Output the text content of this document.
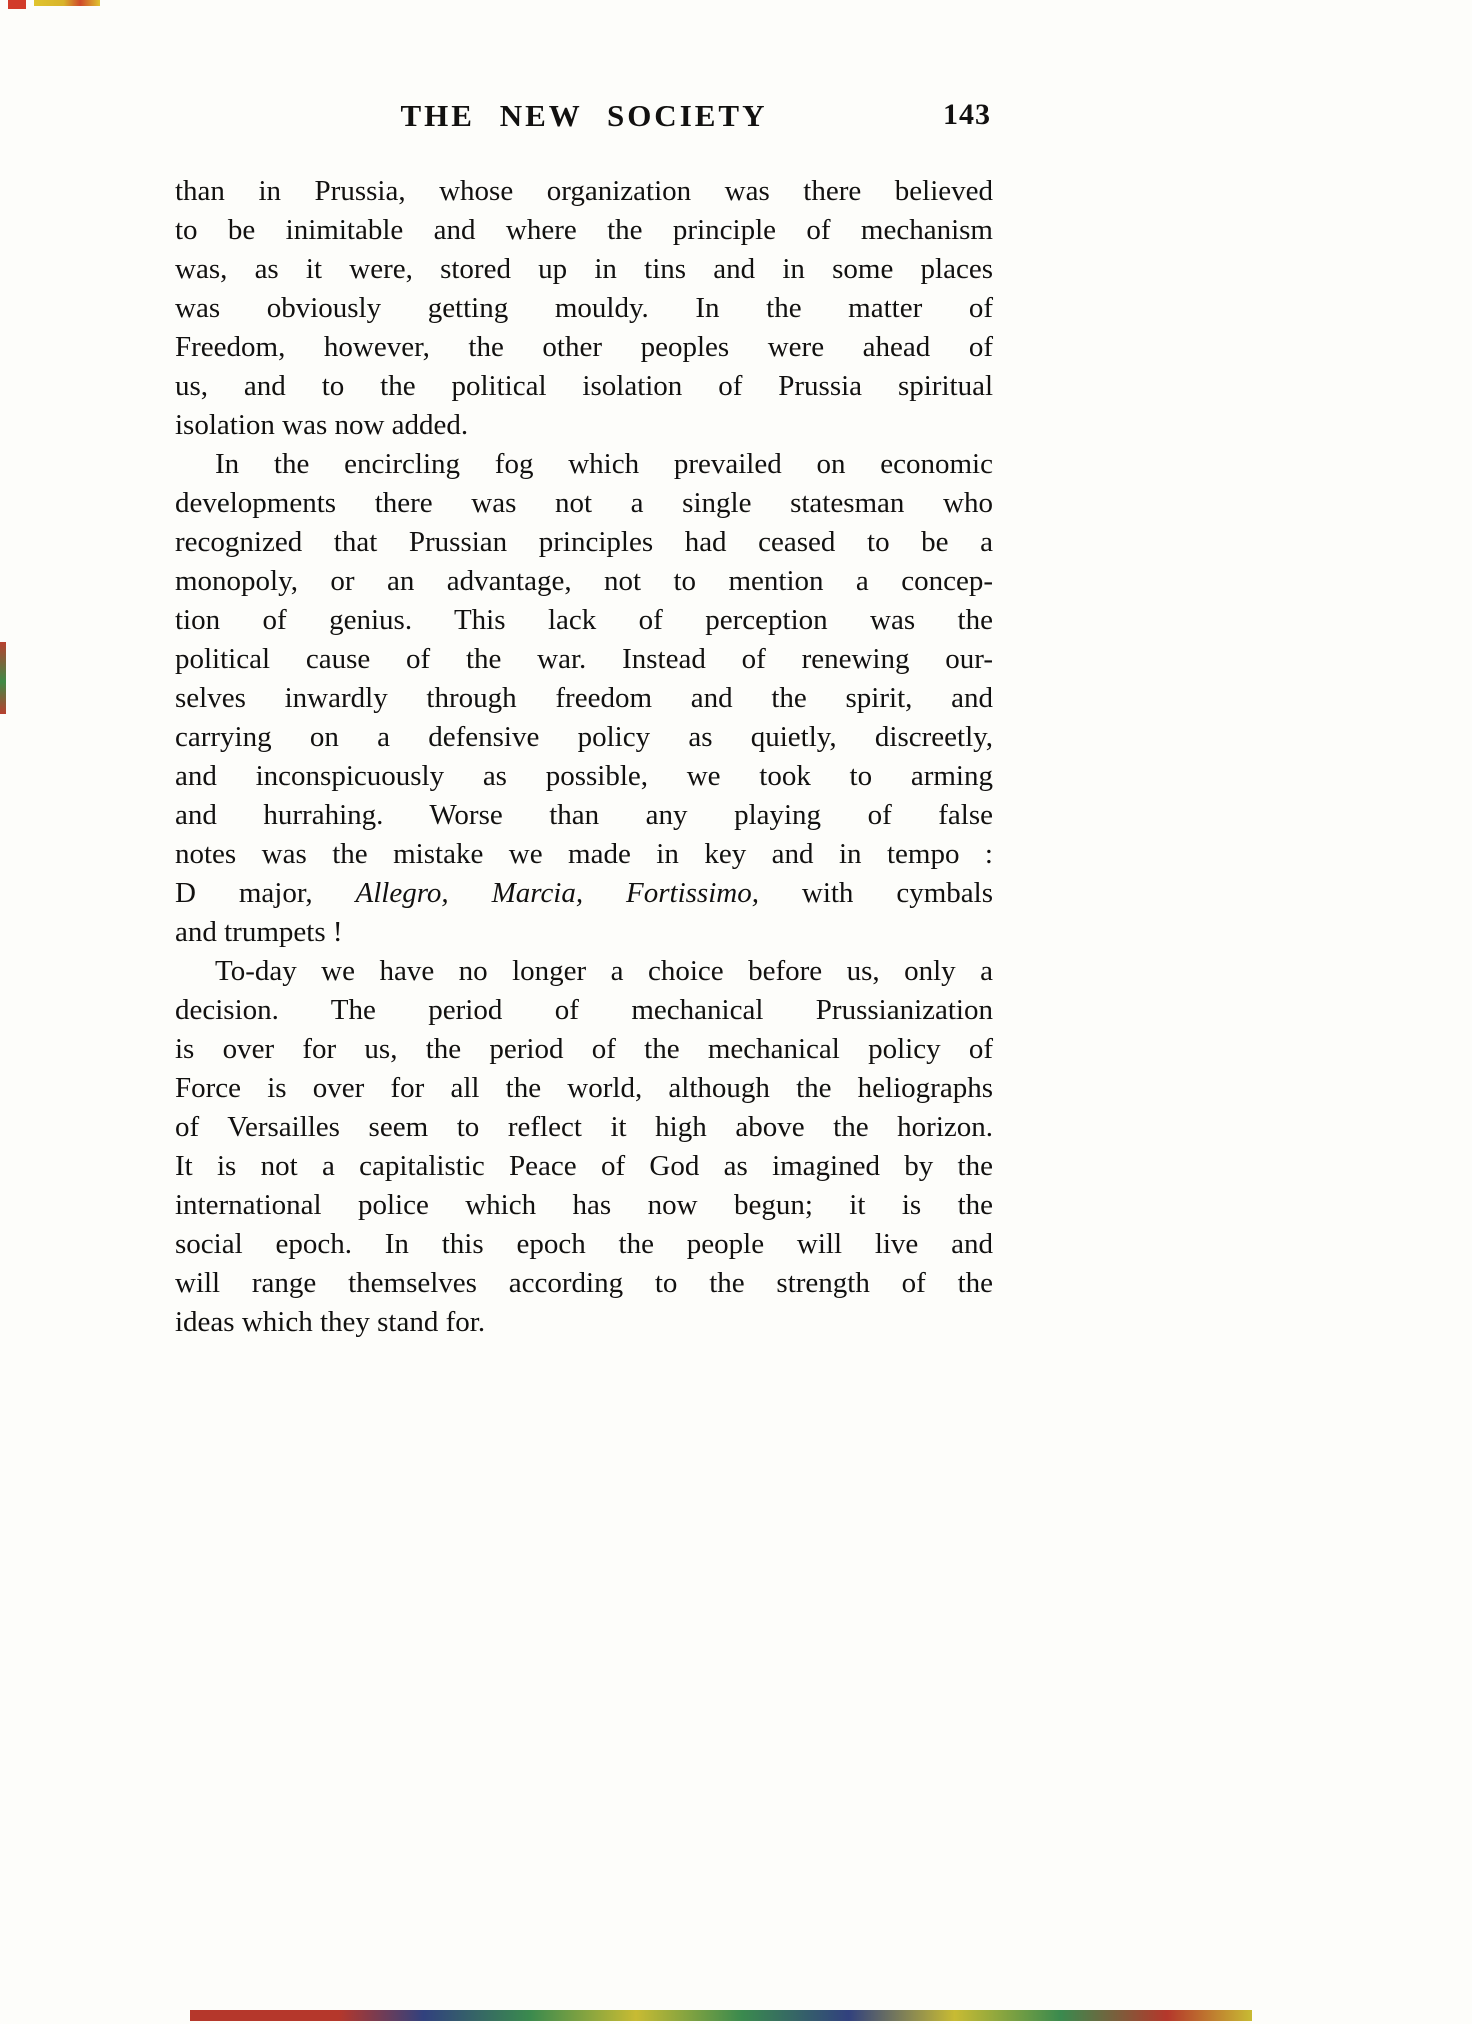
THE NEW SOCIETY	143
than in Prussia, whose organization was there believed
to be inimitable and where the principle of mechanism
was, as it were, stored up in tins and in some places
was obviously getting mouldy. In the matter of
Freedom, however, the other peoples were ahead of
us, and to the political isolation of Prussia spiritual
isolation was now added.
In the encircling fog which prevailed on economic
developments there was not a single statesman who
recognized that Prussian principles had ceased to be a
monopoly, or an advantage, not to mention a concep-
tion of genius. This lack of perception was the
political cause of the war. Instead of renewing our-
selves inwardly through freedom and the spirit, and
carrying on a defensive policy as quietly, discreetly,
and inconspicuously as possible, we took to arming
and hurrahing. Worse than any playing of false
notes was the mistake we made in key and in tempo :
D major, Allegro, Marcia, Fortissimo, with cymbals
and trumpets !
To-day we have no longer a choice before us, only a
decision. The period of mechanical Prussianization
is over for us, the period of the mechanical policy of
Force is over for all the world, although the heliographs
of Versailles seem to reflect it high above the horizon.
It is not a capitalistic Peace of God as imagined by the
international police which has now begun; it is the
social epoch. In this epoch the people will live and
will range themselves according to the strength of the
ideas which they stand for.
